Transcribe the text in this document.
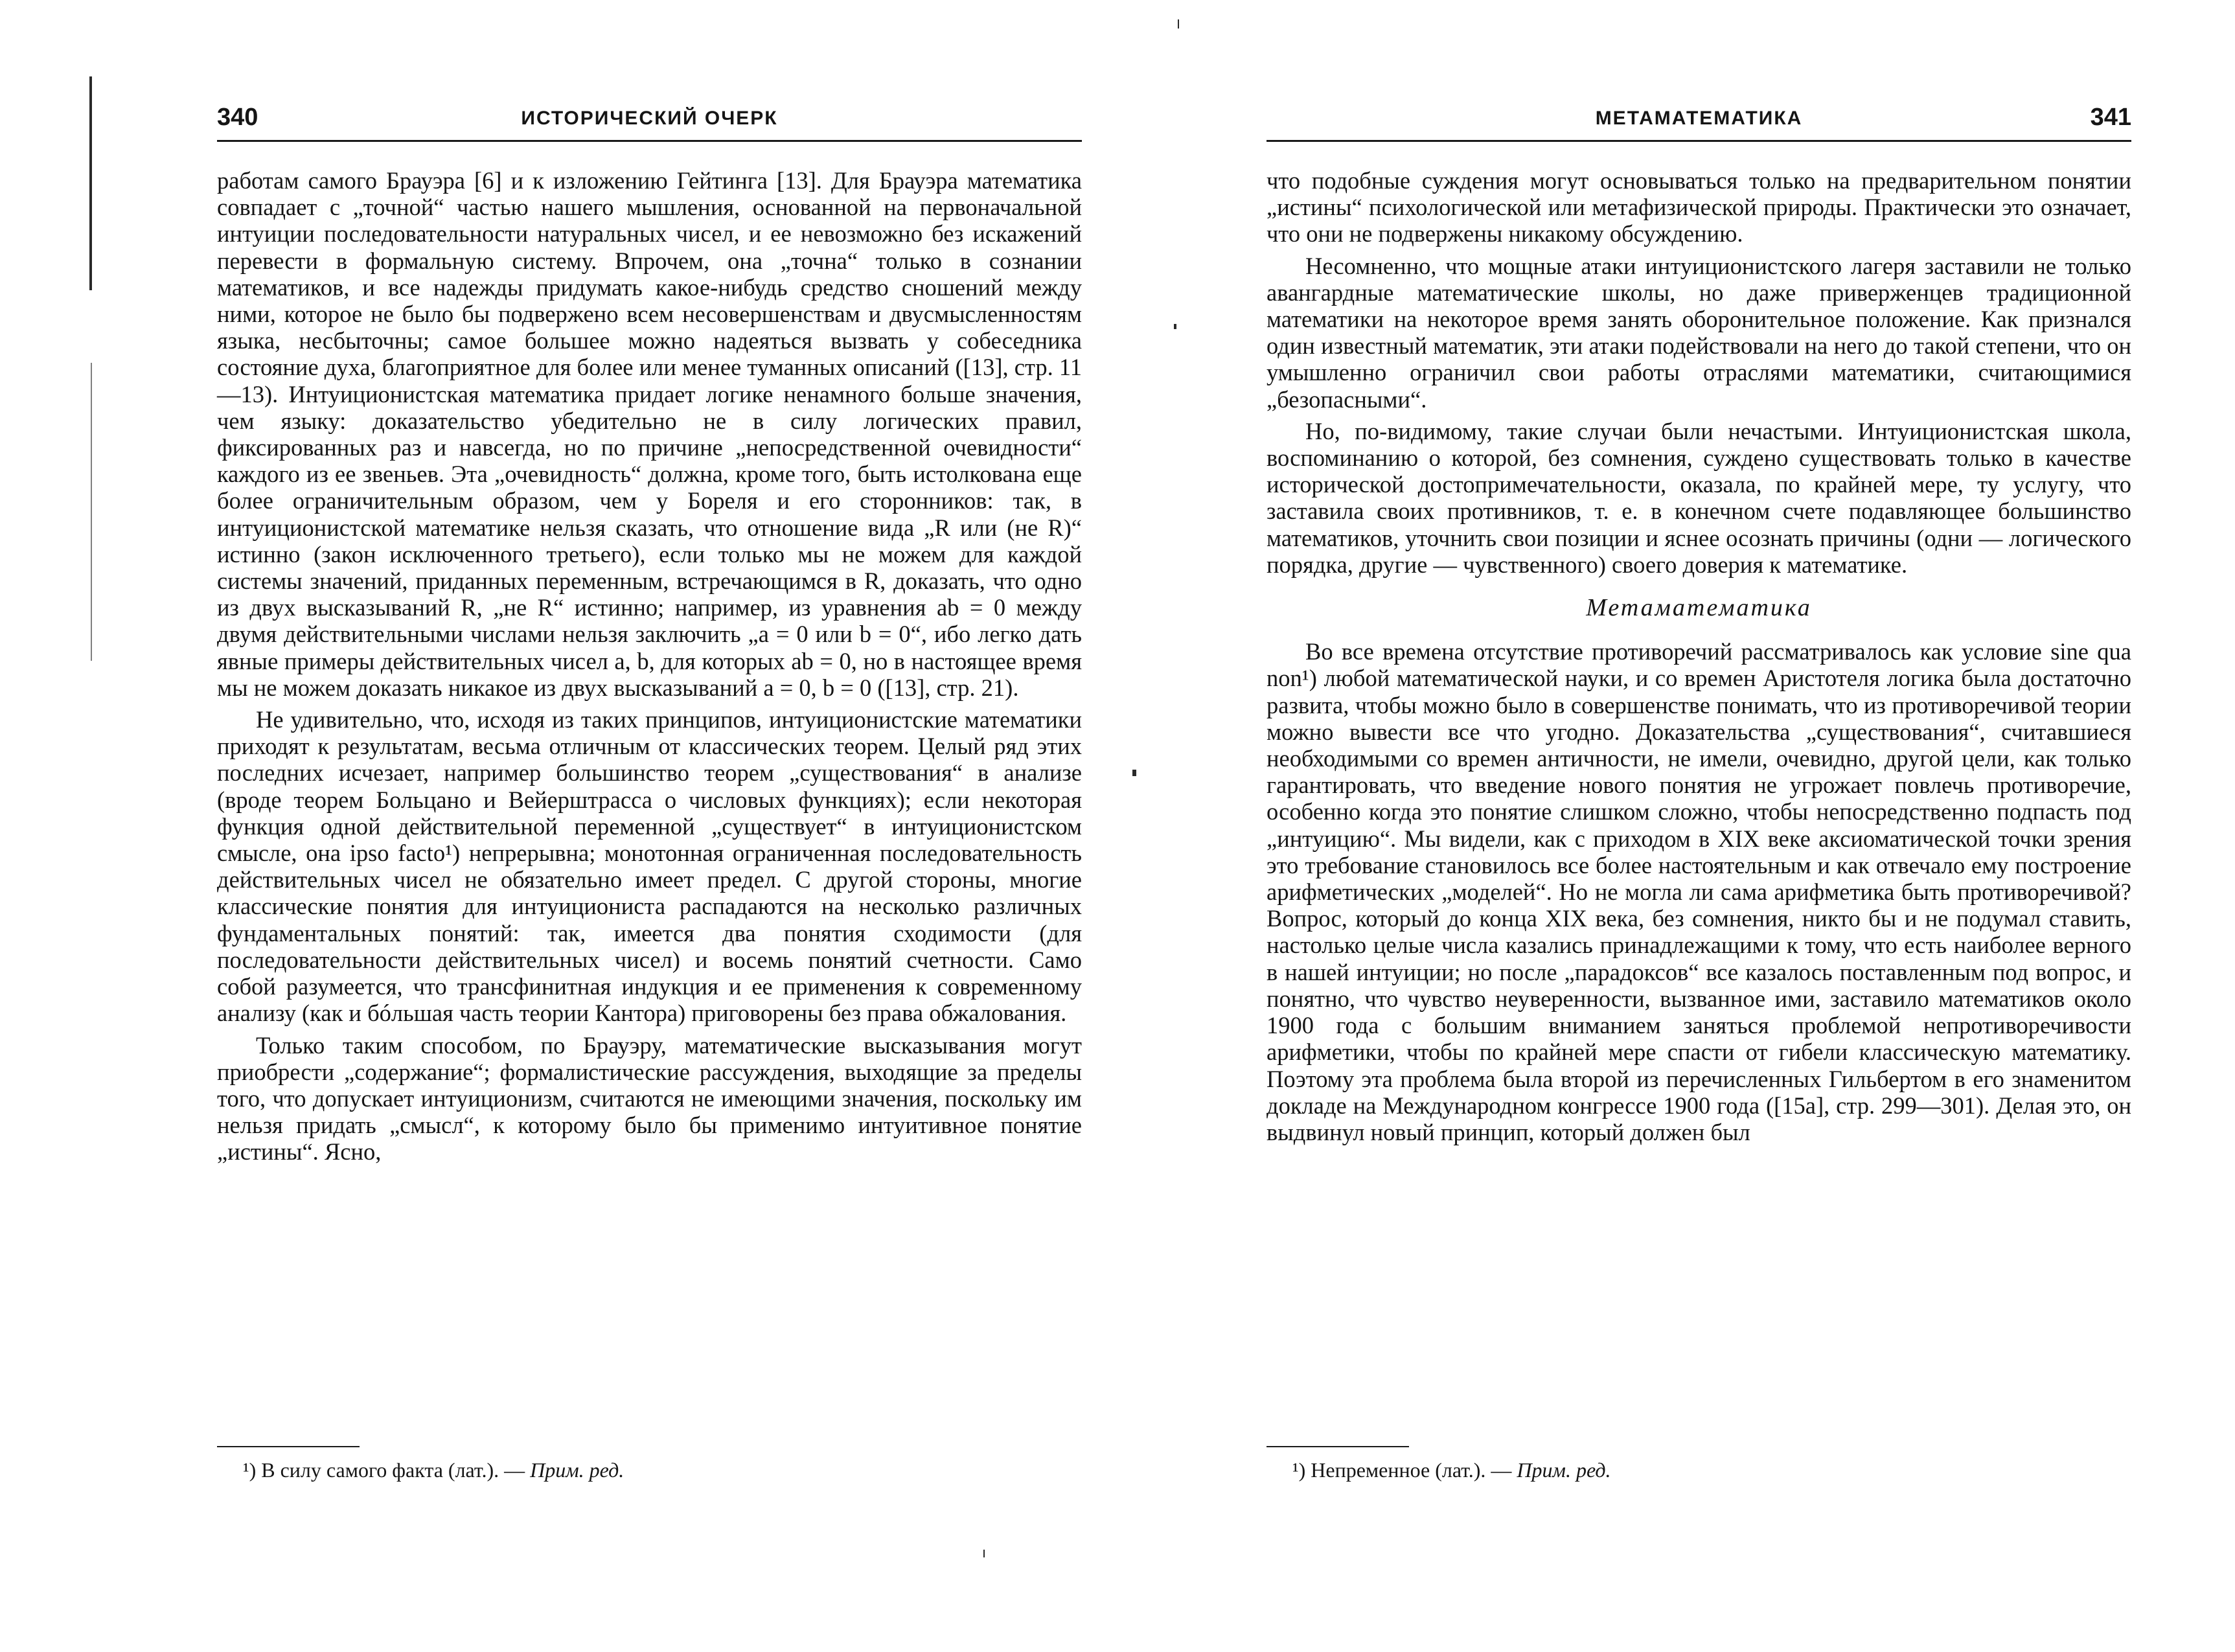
340	ИСТОРИЧЕСКИЙ ОЧЕРК

работам самого Брауэра [6] и к изложению Гейтинга [13]. Для Брауэра математика совпадает с „точной“ частью нашего мышления, основанной на первоначальной интуиции последовательности натуральных чисел, и ее невозможно без искажений перевести в формальную систему. Впрочем, она „точна“ только в сознании математиков, и все надежды придумать какое-нибудь средство сношений между ними, которое не было бы подвержено всем несовершенствам и двусмысленностям языка, несбыточны; самое большее можно надеяться вызвать у собеседника состояние духа, благоприятное для более или менее туманных описаний ([13], стр. 11—13). Интуиционистская математика придает логике ненамного больше значения, чем языку: доказательство убедительно не в силу логических правил, фиксированных раз и навсегда, но по причине „непосредственной очевидности“ каждого из ее звеньев. Эта „очевидность“ должна, кроме того, быть истолкована еще более ограничительным образом, чем у Бореля и его сторонников: так, в интуиционистской математике нельзя сказать, что отношение вида „R или (не R)“ истинно (закон исключенного третьего), если только мы не можем для каждой системы значений, приданных переменным, встречающимся в R, доказать, что одно из двух высказываний R, „не R“ истинно; например, из уравнения ab = 0 между двумя действительными числами нельзя заключить „a = 0 или b = 0“, ибо легко дать явные примеры действительных чисел a, b, для которых ab = 0, но в настоящее время мы не можем доказать никакое из двух высказываний a = 0, b = 0 ([13], стр. 21).

Не удивительно, что, исходя из таких принципов, интуиционистские математики приходят к результатам, весьма отличным от классических теорем. Целый ряд этих последних исчезает, например большинство теорем „существования“ в анализе (вроде теорем Больцано и Вейерштрасса о числовых функциях); если некоторая функция одной действительной переменной „существует“ в интуиционистском смысле, она ipso facto¹) непрерывна; монотонная ограниченная последовательность действительных чисел не обязательно имеет предел. С другой стороны, многие классические понятия для интуициониста распадаются на несколько различных фундаментальных понятий: так, имеется два понятия сходимости (для последовательности действительных чисел) и восемь понятий счетности. Само собой разумеется, что трансфинитная индукция и ее применения к современному анализу (как и бóльшая часть теории Кантора) приговорены без права обжалования.

Только таким способом, по Брауэру, математические высказывания могут приобрести „содержание“; формалистические рассуждения, выходящие за пределы того, что допускает интуиционизм, считаются не имеющими значения, поскольку им нельзя придать „смысл“, к которому было бы применимо интуитивное понятие „истины“. Ясно,

¹) В силу самого факта (лат.). — Прим. ред.
МЕТАМАТЕМАТИКА	341

что подобные суждения могут основываться только на предварительном понятии „истины“ психологической или метафизической природы. Практически это означает, что они не подвержены никакому обсуждению.

Несомненно, что мощные атаки интуиционистского лагеря заставили не только авангардные математические школы, но даже приверженцев традиционной математики на некоторое время занять оборонительное положение. Как признался один известный математик, эти атаки подействовали на него до такой степени, что он умышленно ограничил свои работы отраслями математики, считающимися „безопасными“.

Но, по-видимому, такие случаи были нечастыми. Интуиционистская школа, воспоминанию о которой, без сомнения, суждено существовать только в качестве исторической достопримечательности, оказала, по крайней мере, ту услугу, что заставила своих противников, т. е. в конечном счете подавляющее большинство математиков, уточнить свои позиции и яснее осознать причины (одни — логического порядка, другие — чувственного) своего доверия к математике.

Метаматематика

Во все времена отсутствие противоречий рассматривалось как условие sine qua non¹) любой математической науки, и со времен Аристотеля логика была достаточно развита, чтобы можно было в совершенстве понимать, что из противоречивой теории можно вывести все что угодно. Доказательства „существования“, считавшиеся необходимыми со времен античности, не имели, очевидно, другой цели, как только гарантировать, что введение нового понятия не угрожает повлечь противоречие, особенно когда это понятие слишком сложно, чтобы непосредственно подпасть под „интуицию“. Мы видели, как с приходом в XIX веке аксиоматической точки зрения это требование становилось все более настоятельным и как отвечало ему построение арифметических „моделей“. Но не могла ли сама арифметика быть противоречивой? Вопрос, который до конца XIX века, без сомнения, никто бы и не подумал ставить, настолько целые числа казались принадлежащими к тому, что есть наиболее верного в нашей интуиции; но после „парадоксов“ все казалось поставленным под вопрос, и понятно, что чувство неуверенности, вызванное ими, заставило математиков около 1900 года с большим вниманием заняться проблемой непротиворечивости арифметики, чтобы по крайней мере спасти от гибели классическую математику. Поэтому эта проблема была второй из перечисленных Гильбертом в его знаменитом докладе на Международном конгрессе 1900 года ([15a], стр. 299—301). Делая это, он выдвинул новый принцип, который должен был

¹) Непременное (лат.). — Прим. ред.
